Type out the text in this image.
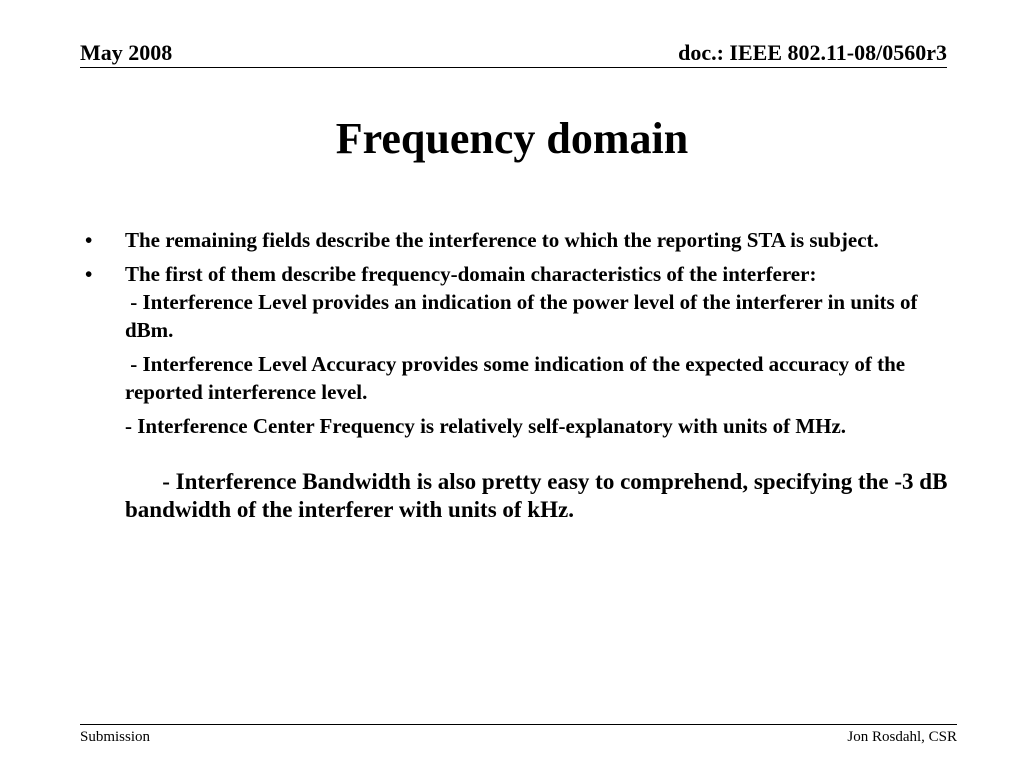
May 2008	doc.: IEEE 802.11-08/0560r3
Frequency domain
• The remaining fields describe the interference to which the reporting STA is subject.
• The first of them describe frequency-domain characteristics of the interferer:
- Interference Level provides an indication of the power level of the interferer in units of dBm.
- Interference Level Accuracy provides some indication of the expected accuracy of the reported interference level.
- Interference Center Frequency is relatively self-explanatory with units of MHz.

- Interference Bandwidth is also pretty easy to comprehend, specifying the -3 dB bandwidth of the interferer with units of kHz.

Submission	Jon Rosdahl, CSR
